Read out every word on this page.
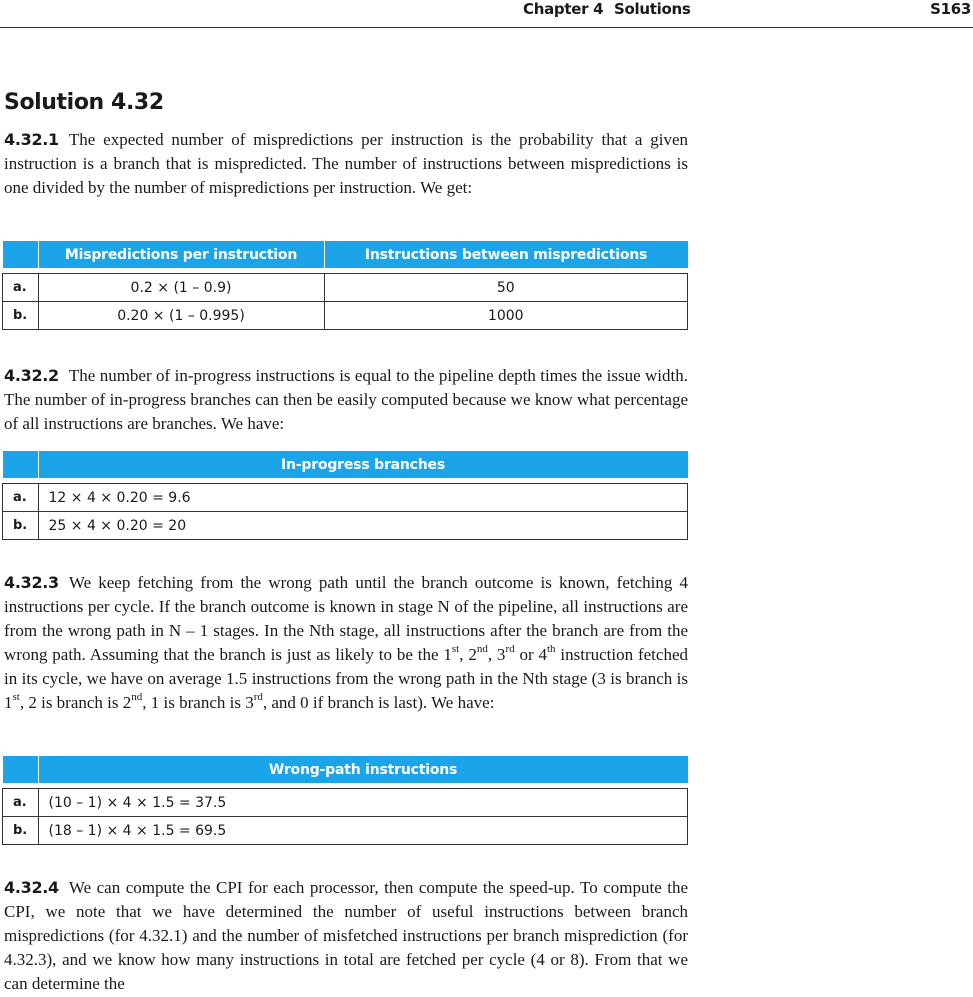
Chapter 4 Solutions	S163
Solution 4.32

4.32.1 The expected number of mispredictions per instruction is the probability that a given instruction is a branch that is mispredicted. The number of instructions between mispredictions is one divided by the number of mispredictions per instruction. We get:

	Mispredictions per instruction	Instructions between mispredictions

a.	0.2 × (1 – 0.9)	50
b.	0.20 × (1 – 0.995)	1000

4.32.2 The number of in-progress instructions is equal to the pipeline depth times the issue width. The number of in-progress branches can then be easily computed because we know what percentage of all instructions are branches. We have:

	In-progress branches

a.	12 × 4 × 0.20 = 9.6
b.	25 × 4 × 0.20 = 20

4.32.3 We keep fetching from the wrong path until the branch outcome is known, fetching 4 instructions per cycle. If the branch outcome is known in stage N of the pipeline, all instructions are from the wrong path in N – 1 stages. In the Nth stage, all instructions after the branch are from the wrong path. Assuming that the branch is just as likely to be the 1st, 2nd, 3rd or 4th instruction fetched in its cycle, we have on average 1.5 instructions from the wrong path in the Nth stage (3 is branch is 1st, 2 is branch is 2nd, 1 is branch is 3rd, and 0 if branch is last). We have:

	Wrong-path instructions

a.	(10 – 1) × 4 × 1.5 = 37.5
b.	(18 – 1) × 4 × 1.5 = 69.5

4.32.4 We can compute the CPI for each processor, then compute the speed-up. To compute the CPI, we note that we have determined the number of useful instructions between branch mispredictions (for 4.32.1) and the number of misfetched instructions per branch misprediction (for 4.32.3), and we know how many instructions in total are fetched per cycle (4 or 8). From that we can determine the
